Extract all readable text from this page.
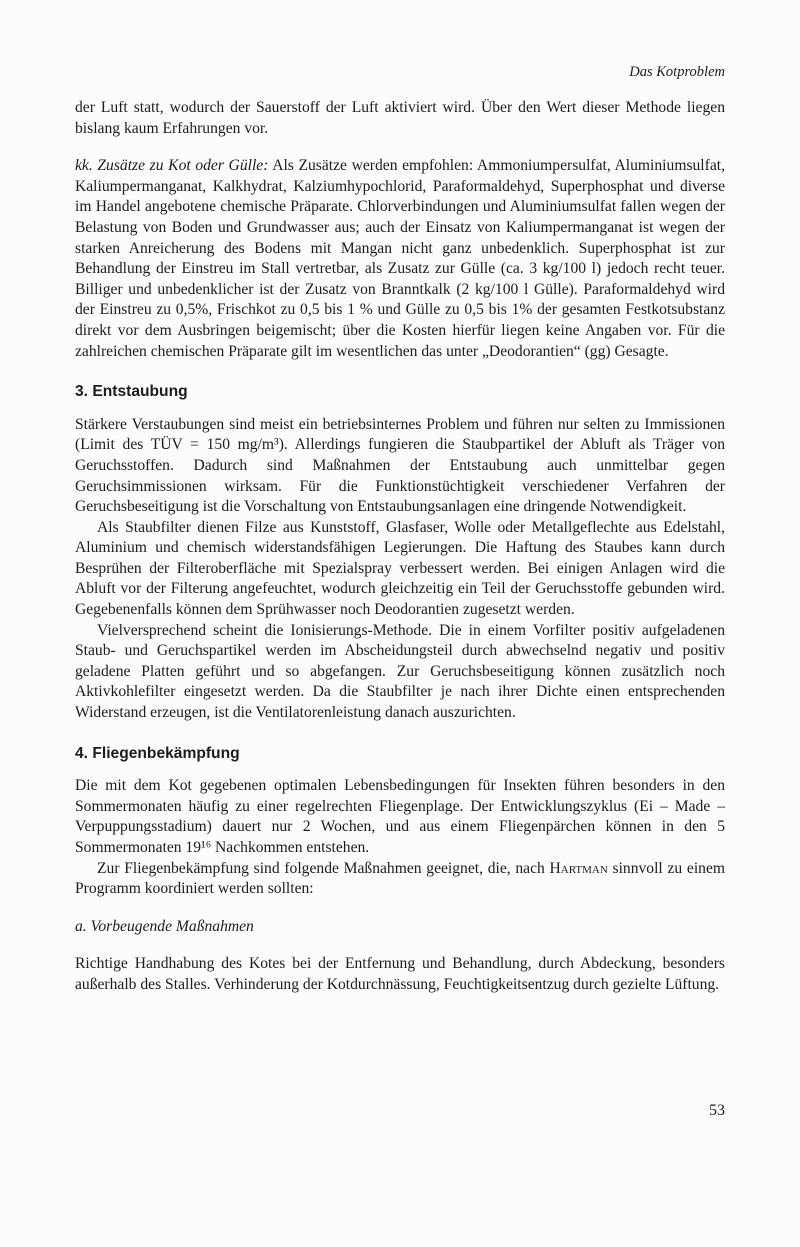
Das Kotproblem

der Luft statt, wodurch der Sauerstoff der Luft aktiviert wird. Über den Wert dieser Methode liegen bislang kaum Erfahrungen vor.

kk. Zusätze zu Kot oder Gülle: Als Zusätze werden empfohlen: Ammoniumpersulfat, Aluminiumsulfat, Kaliumpermanganat, Kalkhydrat, Kalziumhypochlorid, Paraformaldehyd, Superphosphat und diverse im Handel angebotene chemische Präparate. Chlorverbindungen und Aluminiumsulfat fallen wegen der Belastung von Boden und Grundwasser aus; auch der Einsatz von Kaliumpermanganat ist wegen der starken Anreicherung des Bodens mit Mangan nicht ganz unbedenklich. Superphosphat ist zur Behandlung der Einstreu im Stall vertretbar, als Zusatz zur Gülle (ca. 3 kg/100 l) jedoch recht teuer. Billiger und unbedenklicher ist der Zusatz von Branntkalk (2 kg/100 l Gülle). Paraformaldehyd wird der Einstreu zu 0,5%, Frischkot zu 0,5 bis 1 % und Gülle zu 0,5 bis 1% der gesamten Festkotsubstanz direkt vor dem Ausbringen beigemischt; über die Kosten hierfür liegen keine Angaben vor. Für die zahlreichen chemischen Präparate gilt im wesentlichen das unter „Deodorantien“ (gg) Gesagte.

3. Entstaubung

Stärkere Verstaubungen sind meist ein betriebsinternes Problem und führen nur selten zu Immissionen (Limit des TÜV = 150 mg/m³). Allerdings fungieren die Staubpartikel der Abluft als Träger von Geruchsstoffen. Dadurch sind Maßnahmen der Entstaubung auch unmittelbar gegen Geruchsimmissionen wirksam. Für die Funktionstüchtigkeit verschiedener Verfahren der Geruchsbeseitigung ist die Vorschaltung von Entstaubungsanlagen eine dringende Notwendigkeit.

Als Staubfilter dienen Filze aus Kunststoff, Glasfaser, Wolle oder Metallgeflechte aus Edelstahl, Aluminium und chemisch widerstandsfähigen Legierungen. Die Haftung des Staubes kann durch Besprühen der Filteroberfläche mit Spezialspray verbessert werden. Bei einigen Anlagen wird die Abluft vor der Filterung angefeuchtet, wodurch gleichzeitig ein Teil der Geruchsstoffe gebunden wird. Gegebenenfalls können dem Sprühwasser noch Deodorantien zugesetzt werden.

Vielversprechend scheint die Ionisierungs-Methode. Die in einem Vorfilter positiv aufgeladenen Staub- und Geruchspartikel werden im Abscheidungsteil durch abwechselnd negativ und positiv geladene Platten geführt und so abgefangen. Zur Geruchsbeseitigung können zusätzlich noch Aktivkohlefilter eingesetzt werden. Da die Staubfilter je nach ihrer Dichte einen entsprechenden Widerstand erzeugen, ist die Ventilatorenleistung danach auszurichten.

4. Fliegenbekämpfung

Die mit dem Kot gegebenen optimalen Lebensbedingungen für Insekten führen besonders in den Sommermonaten häufig zu einer regelrechten Fliegenplage. Der Entwicklungszyklus (Ei – Made – Verpuppungsstadium) dauert nur 2 Wochen, und aus einem Fliegenpärchen können in den 5 Sommermonaten 19¹⁶ Nachkommen entstehen.

Zur Fliegenbekämpfung sind folgende Maßnahmen geeignet, die, nach Hartman sinnvoll zu einem Programm koordiniert werden sollten:

a. Vorbeugende Maßnahmen

Richtige Handhabung des Kotes bei der Entfernung und Behandlung, durch Abdeckung, besonders außerhalb des Stalles. Verhinderung der Kotdurchnässung, Feuchtigkeitsentzug durch gezielte Lüftung.

53
